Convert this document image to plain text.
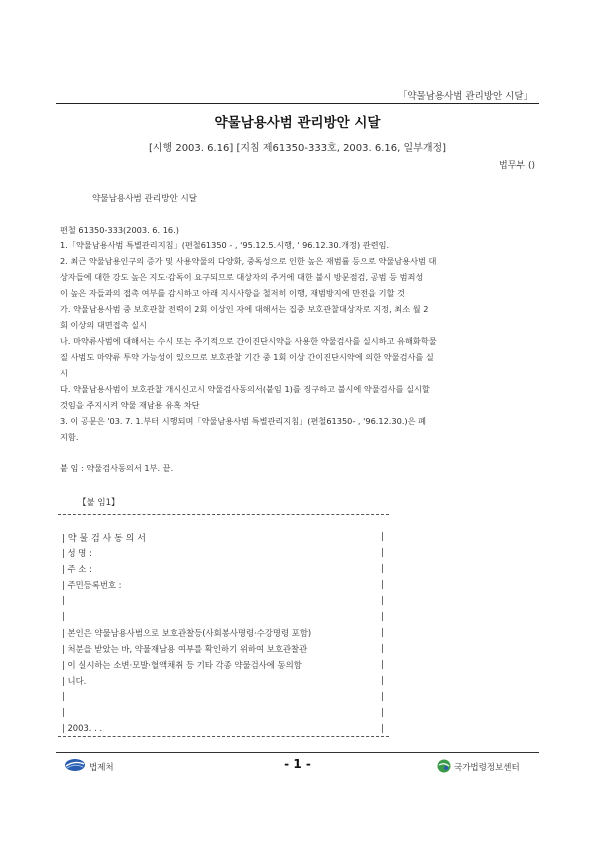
「약물남용사범 관리방안 시달」
약물남용사범 관리방안 시달
[시행 2003. 6.16] [지침 제61350-333호, 2003. 6.16, 일부개정]
법무부 ()
약물남용사범 관리방안 시달
편철 61350-333(2003. 6. 16.)
1.「약물남용사범 특별관리지침」(편철61350 - , '95.12.5.시행, ' 96.12.30.개정) 관련임.
2. 최근 약물남용인구의 증가 및 사용약물의 다양화, 중독성으로 인한 높은 재범률 등으로 약물남용사범 대
상자들에 대한 강도 높은 지도·감독이 요구되므로 대상자의 주거에 대한 불시 방문점검, 공범 등 범죄성
이 높은 자들과의 접촉 여부를 감시하고 아래 지시사항을 철저히 이행, 재범방지에 만전을 기할 것
가. 약물남용사범 중 보호관찰 전력이 2회 이상인 자에 대해서는 집중 보호관찰대상자로 지정, 최소 월 2
회 이상의 대면접촉 실시
나. 마약류사범에 대해서는 수시 또는 주기적으로 간이진단시약을 사용한 약물검사를 실시하고 유해화학물
질 사범도 마약류 투약 가능성이 있으므로 보호관찰 기간 중 1회 이상 간이진단시약에 의한 약물검사를 실
시
다. 약물남용사범이 보호관찰 개시신고시 약물검사동의서(붙임 1)를 징구하고 불시에 약물검사를 실시할
것임을 주지시켜 약물 재남용 유혹 차단
3. 이 공문은 '03. 7. 1.부터 시행되며「약물남용사범 특별관리지침」(편철61350- , '96.12.30.)은 폐
지함.
붙 임 : 약물검사동의서 1부. 끝.
【붙 임1】
| 약 물 검 사 동 의 서
| 성 명 :
| 주 소 :
| 주민등록번호 :
|
|
| 본인은 약물남용사범으로 보호관찰등(사회봉사명령·수강명령 포함)
| 처분을 받았는 바, 약물재남용 여부를 확인하기 위하여 보호관찰관
| 이 실시하는 소변·모발·혈액채취 등 기타 각종 약물검사에 동의함
| 니다.
|
|
| 2003. . .
|
|
|
|
|
|
|
|
|
|
|
|
|
법제처	- 1 -	국가법령정보센터
